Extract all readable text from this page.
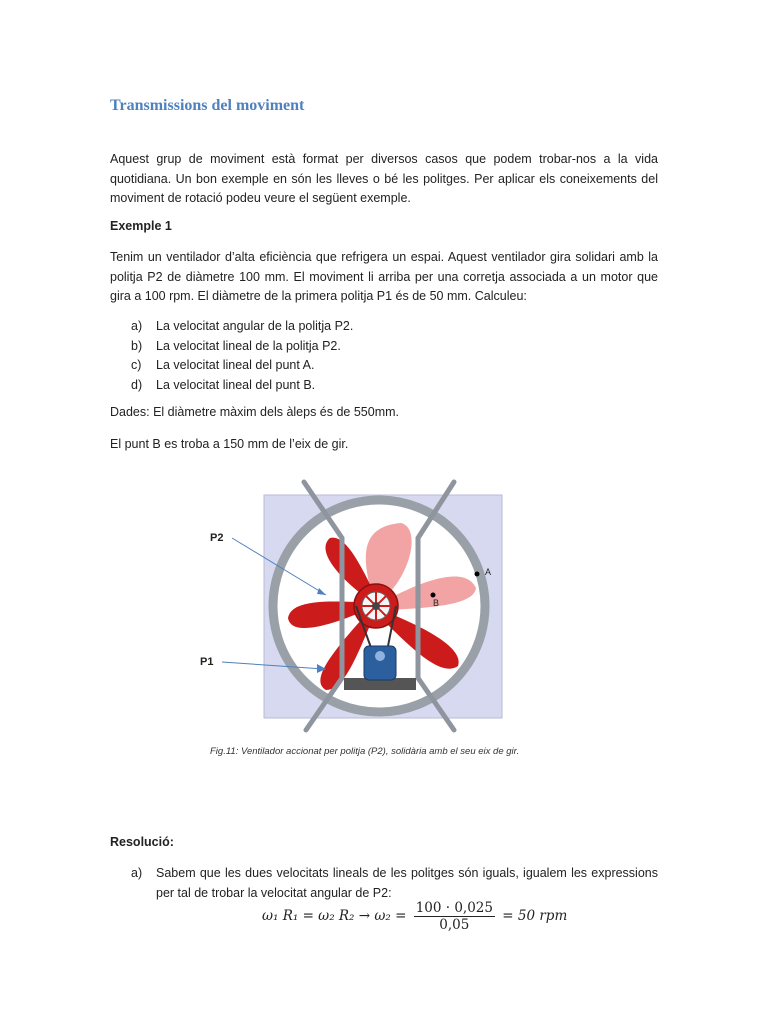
Transmissions del moviment
Aquest grup de moviment està format per diversos casos que podem trobar-nos a la vida quotidiana. Un bon exemple en són les lleves o bé les politges. Per aplicar els coneixements del moviment de rotació podeu veure el següent exemple.
Exemple 1
Tenim un ventilador d’alta eficiència que refrigera un espai. Aquest ventilador gira solidari amb la politja P2 de diàmetre 100 mm. El moviment li arriba per una corretja associada a un motor que gira a 100 rpm. El diàmetre de la primera politja P1 és de 50 mm. Calculeu:
a)	La velocitat angular de la politja P2.
b)	La velocitat lineal de la politja P2.
c)	La velocitat lineal del punt A.
d)	La velocitat lineal del punt B.
Dades: El diàmetre màxim dels àleps és de 550mm.
El punt B es troba a 150 mm de l’eix de gir.
A
B
P2
P1
Fig.11: Ventilador accionat per politja (P2), solidària amb el seu eix de gir.
Resolució:
a)	Sabem que les dues velocitats lineals de les politges són iguals, igualem les expressions per tal de trobar la velocitat angular de P2:
ω₁ R₁ = ω₂ $R_2 \to \omega_2 = \frac{100 \cdot 0,025}{0,05} = 50$ rpm
